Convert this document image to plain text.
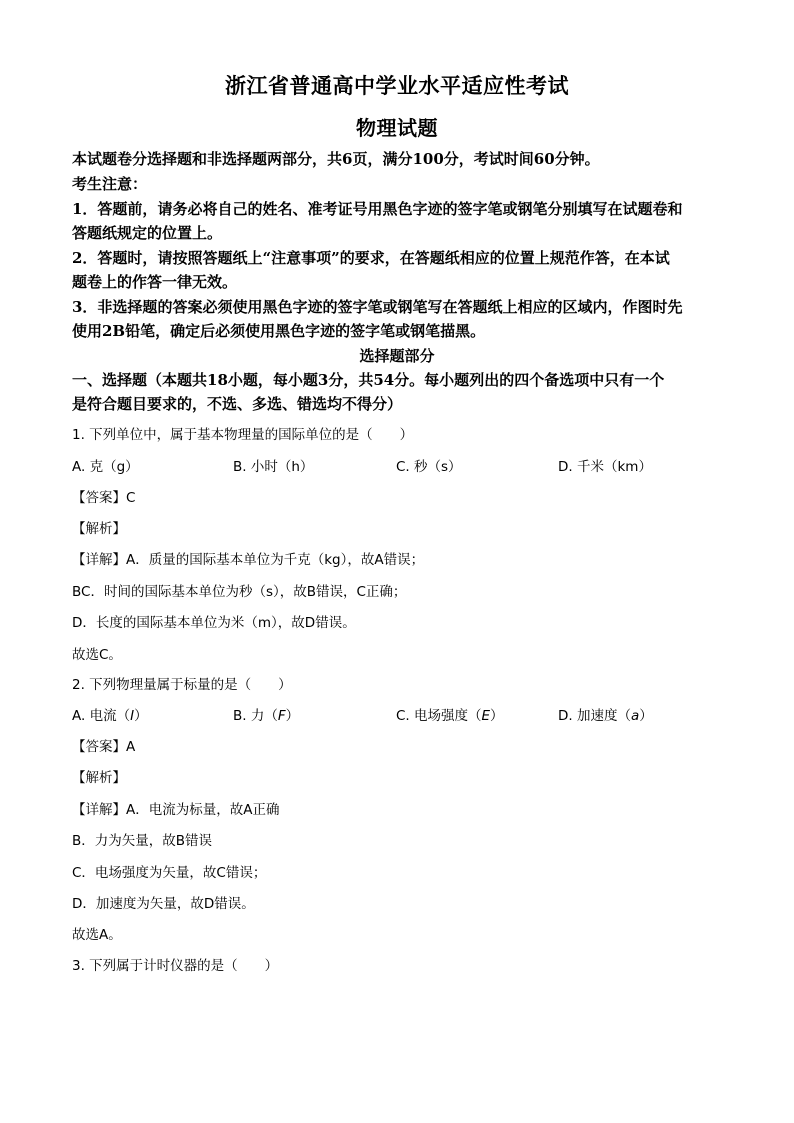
浙江省普通高中学业水平适应性考试
物理试题
本试题卷分选择题和非选择题两部分，共6页，满分100分，考试时间60分钟。
考生注意：
1．答题前，请务必将自己的姓名、准考证号用黑色字迹的签字笔或钢笔分别填写在试题卷和
答题纸规定的位置上。
2．答题时，请按照答题纸上“注意事项”的要求，在答题纸相应的位置上规范作答，在本试
题卷上的作答一律无效。
3．非选择题的答案必须使用黑色字迹的签字笔或钢笔写在答题纸上相应的区域内，作图时先
使用2B铅笔，确定后必须使用黑色字迹的签字笔或钢笔描黑。
选择题部分
一、选择题（本题共18小题，每小题3分，共54分。每小题列出的四个备选项中只有一个
是符合题目要求的，不选、多选、错选均不得分）
1. 下列单位中，属于基本物理量的国际单位的是（　　）
A. 克（g）	B. 小时（h）	C. 秒（s）	D. 千米（km）
【答案】C
【解析】
【详解】A．质量的国际基本单位为千克（kg），故A错误；
BC．时间的国际基本单位为秒（s），故B错误，C正确；
D．长度的国际基本单位为米（m），故D错误。
故选C。
2. 下列物理量属于标量的是（　　）
A. 电流（I）	B. 力（F）	C. 电场强度（E）	D. 加速度（a）
【答案】A
【解析】
【详解】A．电流为标量，故A正确
B．力为矢量，故B错误
C．电场强度为矢量，故C错误；
D．加速度为矢量，故D错误。
故选A。
3. 下列属于计时仪器的是（　　）
